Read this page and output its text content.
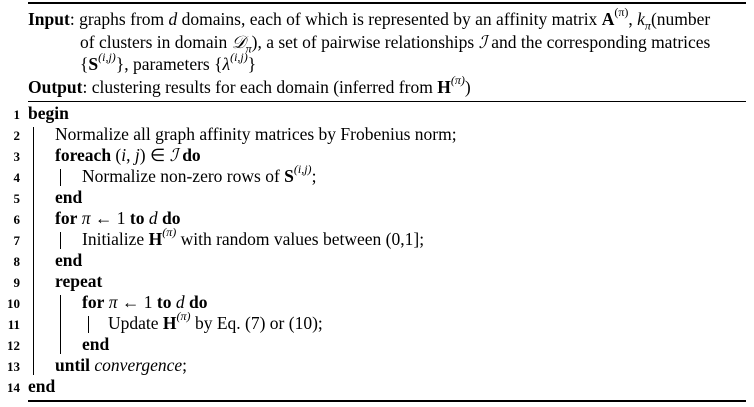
Input: graphs from d domains, each of which is represented by an affinity matrix $A^{(\pi)}$, $k_\pi(number$
of clusters in domain 𝒟$_\pi$), a set of pairwise relationships ℐ and the corresponding matrices
$\{S^{(i,j)}\}$, parameters $\{\lambda^{(i,j)}\}$
Output: clustering results for each domain (inferred from $H^{(\pi)}$)
1 begin
2 Normalize all graph affinity matrices by Frobenius norm;
3 foreach (i, j) ∈ ℐ do
4	Normalize non-zero rows of S$^{(i,j)}$;
5 end
6 for π ← 1 to d do
7	Initialize $H^{(\pi)}$ with random values between (0,1];
8 end
9 repeat
10	for π ← 1 to d do
11	Update $H^{(\pi)}$ by Eq. (7) or (10);
12	end
13 until convergence;
14 end
